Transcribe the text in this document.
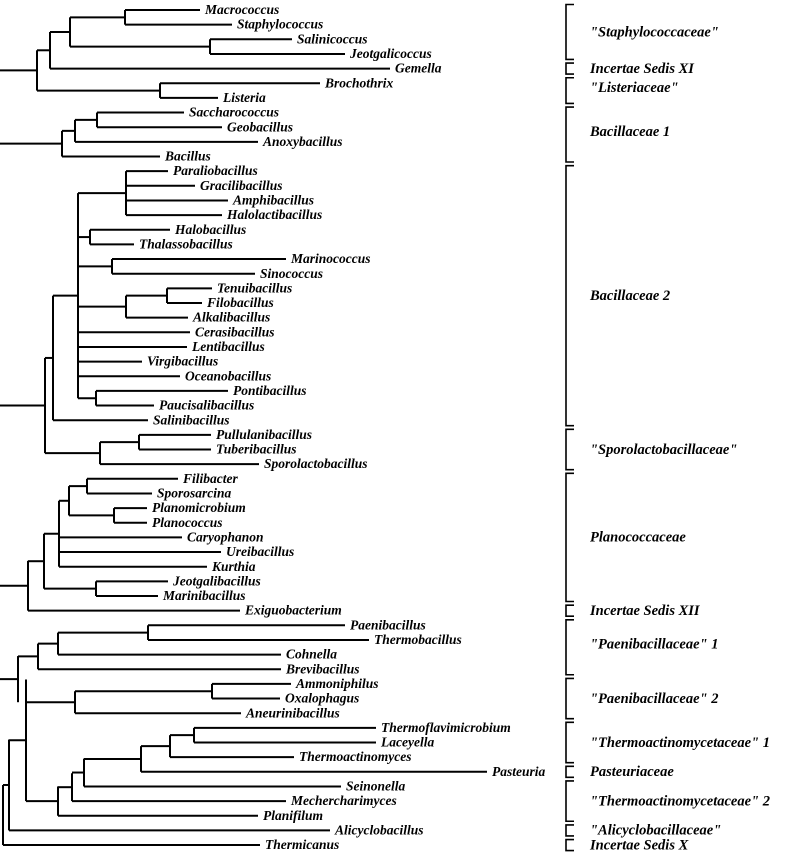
Macrococcus
Staphylococcus
Salinicoccus
Jeotgalicoccus
Gemella
Brochothrix
Listeria
Saccharococcus
Geobacillus
Anoxybacillus
Bacillus
Paraliobacillus
Gracilibacillus
Amphibacillus
Halolactibacillus
Halobacillus
Thalassobacillus
Marinococcus
Sinococcus
Tenuibacillus
Filobacillus
Alkalibacillus
Cerasibacillus
Lentibacillus
Virgibacillus
Oceanobacillus
Pontibacillus
Paucisalibacillus
Salinibacillus
Pullulanibacillus
Tuberibacillus
Sporolactobacillus
Filibacter
Sporosarcina
Planomicrobium
Planococcus
Caryophanon
Ureibacillus
Kurthia
Jeotgalibacillus
Marinibacillus
Exiguobacterium
Paenibacillus
Thermobacillus
Cohnella
Brevibacillus
Ammoniphilus
Oxalophagus
Aneurinibacillus
Thermoflavimicrobium
Laceyella
Thermoactinomyces
Pasteuria
Seinonella
Mechercharimyces
Planifilum
Alicyclobacillus
Thermicanus
"Staphylococcaceae"
Incertae Sedis XI
"Listeriaceae"
Bacillaceae 1
Bacillaceae 2
"Sporolactobacillaceae"
Planococcaceae
Incertae Sedis XII
"Paenibacillaceae" 1
"Paenibacillaceae" 2
"Thermoactinomycetaceae" 1
Pasteuriaceae
"Thermoactinomycetaceae" 2
"Alicyclobacillaceae"
Incertae Sedis X
